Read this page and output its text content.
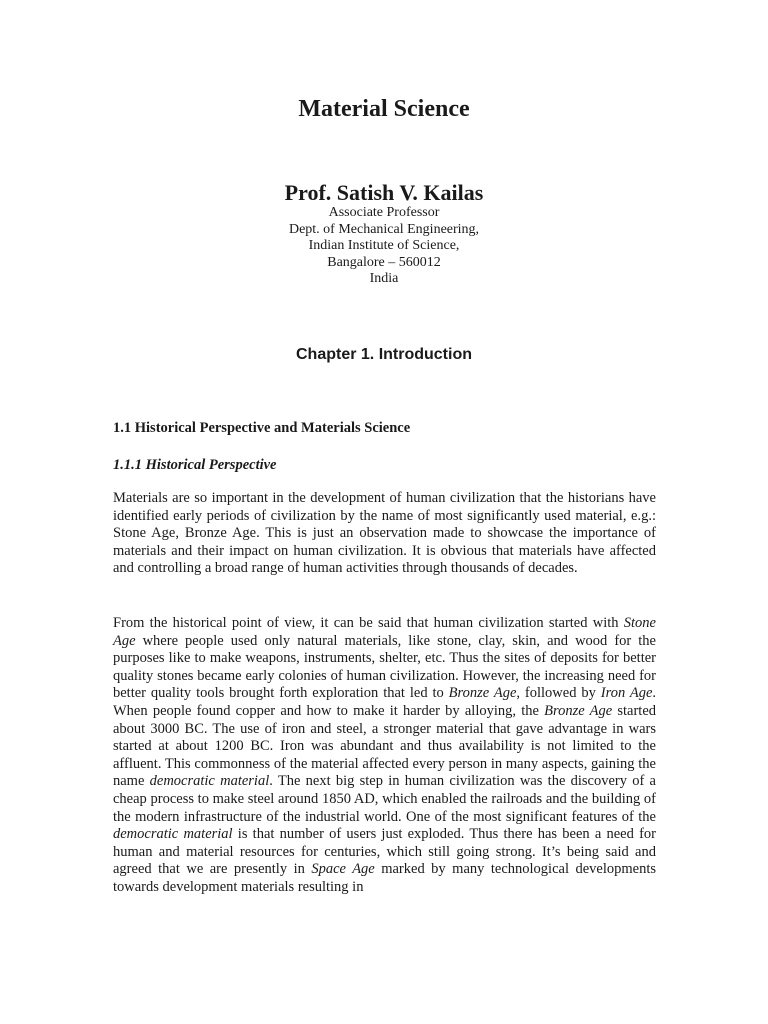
Material Science
Prof. Satish V. Kailas
Associate Professor
Dept. of Mechanical Engineering,
Indian Institute of Science,
Bangalore – 560012
India
Chapter 1. Introduction
1.1 Historical Perspective and Materials Science
1.1.1 Historical Perspective

Materials are so important in the development of human civilization that the historians have identified early periods of civilization by the name of most significantly used material, e.g.: Stone Age, Bronze Age. This is just an observation made to showcase the importance of materials and their impact on human civilization. It is obvious that materials have affected and controlling a broad range of human activities through thousands of decades.

From the historical point of view, it can be said that human civilization started with Stone Age where people used only natural materials, like stone, clay, skin, and wood for the purposes like to make weapons, instruments, shelter, etc. Thus the sites of deposits for better quality stones became early colonies of human civilization. However, the increasing need for better quality tools brought forth exploration that led to Bronze Age, followed by Iron Age. When people found copper and how to make it harder by alloying, the Bronze Age started about 3000 BC. The use of iron and steel, a stronger material that gave advantage in wars started at about 1200 BC. Iron was abundant and thus availability is not limited to the affluent. This commonness of the material affected every person in many aspects, gaining the name democratic material. The next big step in human civilization was the discovery of a cheap process to make steel around 1850 AD, which enabled the railroads and the building of the modern infrastructure of the industrial world. One of the most significant features of the democratic material is that number of users just exploded. Thus there has been a need for human and material resources for centuries, which still going strong. It’s being said and agreed that we are presently in Space Age marked by many technological developments towards development materials resulting in
